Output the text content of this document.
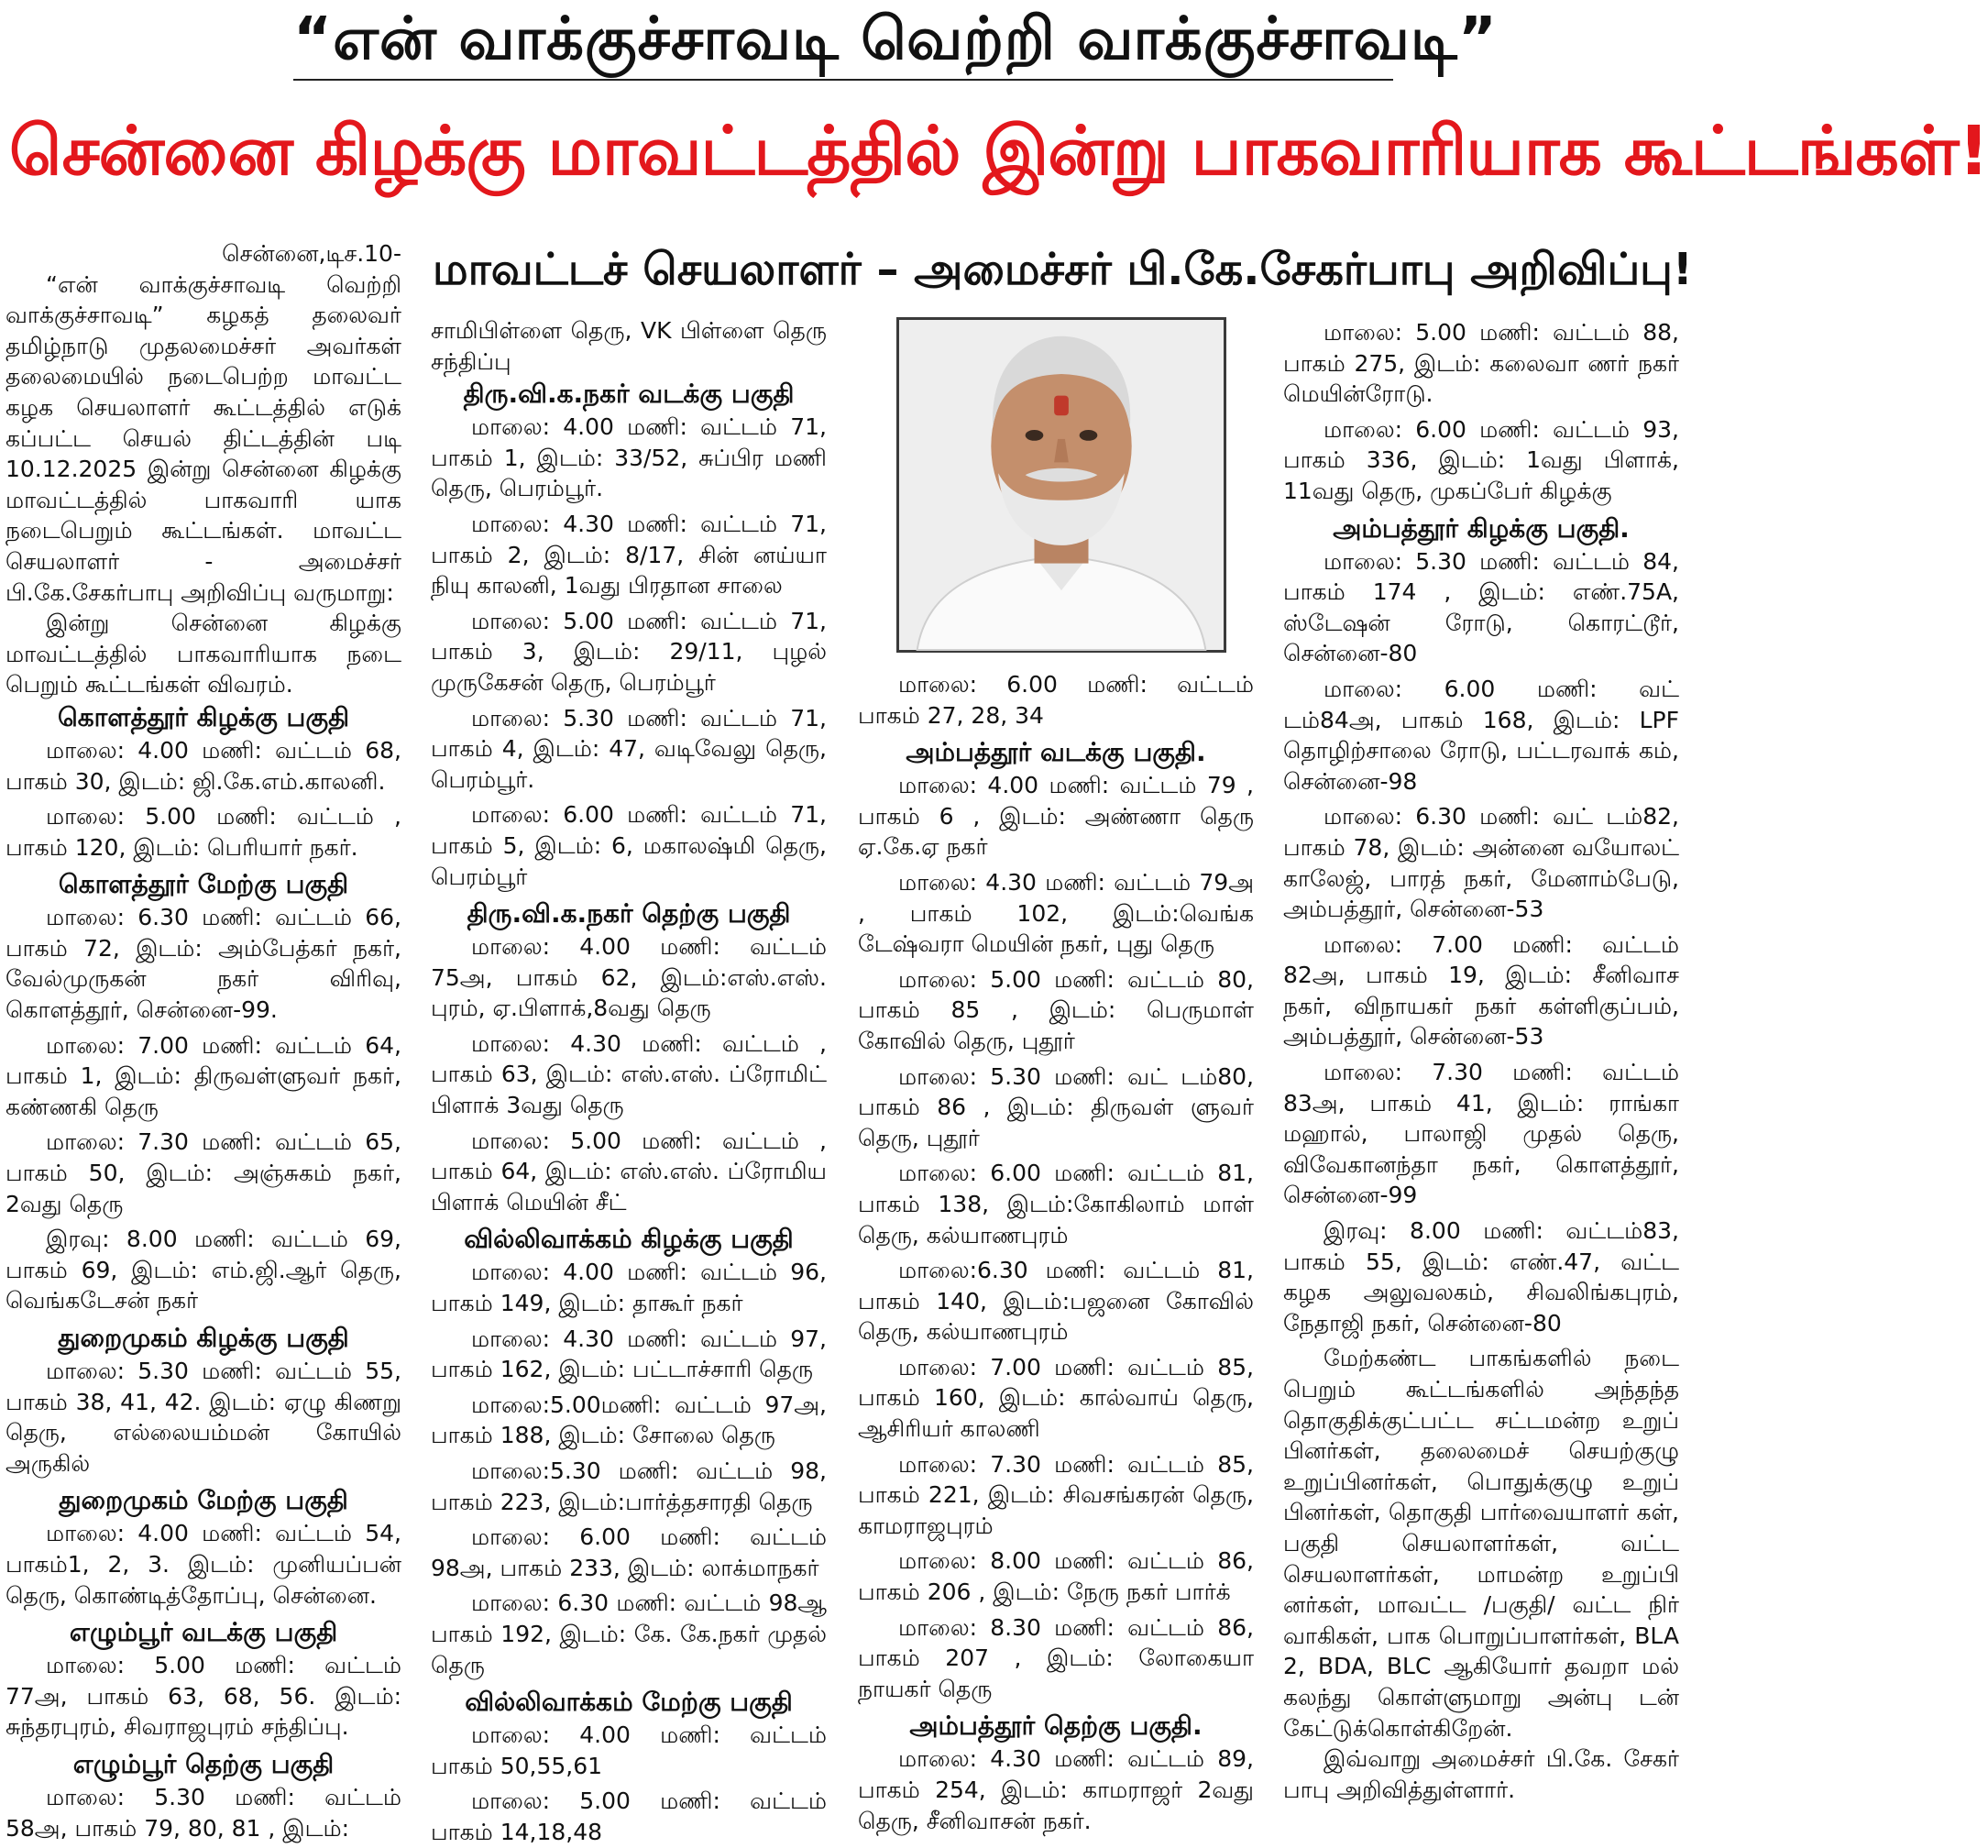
“என் வாக்குச்சாவடி வெற்றி வாக்குச்சாவடி”
சென்னை கிழக்கு மாவட்டத்தில் இன்று பாகவாரியாக கூட்டங்கள்!
மாவட்டச் செயலாளர் – அமைச்சர் பி.கே.சேகர்பாபு அறிவிப்பு!

சென்னை,டிச.10-

“என் வாக்குச்சாவடி வெற்றி வாக்குச்சாவடி” கழகத் தலைவர் தமிழ்நாடு முதலமைச்சர் அவர்கள் தலைமையில் நடைபெற்ற மாவட்ட கழக செயலாளர் கூட்டத்தில் எடுக் கப்பட்ட செயல் திட்டத்தின் படி 10.12.2025 இன்று சென்னை கிழக்கு மாவட்டத்தில் பாகவாரி யாக நடைபெறும் கூட்டங்கள். மாவட்ட செயலாளர் - அமைச்சர் பி.கே.சேகர்பாபு அறிவிப்பு வருமாறு:

இன்று சென்னை கிழக்கு மாவட்டத்தில் பாகவாரியாக நடை பெறும் கூட்டங்கள் விவரம்.

கொளத்தூர் கிழக்கு பகுதி

மாலை: 4.00 மணி: வட்டம் 68, பாகம் 30, இடம்: ஜி.கே.எம்.காலனி.

மாலை: 5.00 மணி: வட்டம் , பாகம் 120, இடம்: பெரியார் நகர்.

கொளத்தூர் மேற்கு பகுதி

மாலை: 6.30 மணி: வட்டம் 66, பாகம் 72, இடம்: அம்பேத்கர் நகர், வேல்முருகன் நகர் விரிவு, கொளத்தூர், சென்னை-99.

மாலை: 7.00 மணி: வட்டம் 64, பாகம் 1, இடம்: திருவள்ளுவர் நகர், கண்ணகி தெரு

மாலை: 7.30 மணி: வட்டம் 65, பாகம் 50, இடம்: அஞ்சுகம் நகர், 2வது தெரு

இரவு: 8.00 மணி: வட்டம் 69, பாகம் 69, இடம்: எம்.ஜி.ஆர் தெரு, வெங்கடேசன் நகர்

துறைமுகம் கிழக்கு பகுதி

மாலை: 5.30 மணி: வட்டம் 55, பாகம் 38, 41, 42. இடம்: ஏழு கிணறு தெரு, எல்லையம்மன் கோயில் அருகில்

துறைமுகம் மேற்கு பகுதி

மாலை: 4.00 மணி: வட்டம் 54, பாகம்1, 2, 3. இடம்: முனியப்பன் தெரு, கொண்டித்தோப்பு, சென்னை.

எழும்பூர் வடக்கு பகுதி

மாலை: 5.00 மணி: வட்டம் 77அ, பாகம் 63, 68, 56. இடம்: சுந்தரபுரம், சிவராஜபுரம் சந்திப்பு.

எழும்பூர் தெற்கு பகுதி

மாலை: 5.30 மணி: வட்டம் 58அ, பாகம் 79, 80, 81 , இடம்:

சாமிபிள்ளை தெரு, VK பிள்ளை தெரு சந்திப்பு

திரு.வி.க.நகர் வடக்கு பகுதி

மாலை: 4.00 மணி: வட்டம் 71, பாகம் 1, இடம்: 33/52, சுப்பிர மணி தெரு, பெரம்பூர்.

மாலை: 4.30 மணி: வட்டம் 71, பாகம் 2, இடம்: 8/17, சின் னய்யா நியு காலனி, 1வது பிரதான சாலை

மாலை: 5.00 மணி: வட்டம் 71, பாகம் 3, இடம்: 29/11, புழல் முருகேசன் தெரு, பெரம்பூர்

மாலை: 5.30 மணி: வட்டம் 71, பாகம் 4, இடம்: 47, வடிவேலு தெரு, பெரம்பூர்.

மாலை: 6.00 மணி: வட்டம் 71, பாகம் 5, இடம்: 6, மகாலஷ்மி தெரு, பெரம்பூர்

திரு.வி.க.நகர் தெற்கு பகுதி

மாலை: 4.00 மணி: வட்டம் 75அ, பாகம் 62, இடம்:எஸ்.எஸ். புரம், ஏ.பிளாக்,8வது தெரு

மாலை: 4.30 மணி: வட்டம் , பாகம் 63, இடம்: எஸ்.எஸ். ப்ரோமிட் பிளாக் 3வது தெரு

மாலை: 5.00 மணி: வட்டம் , பாகம் 64, இடம்: எஸ்.எஸ். ப்ரோமிய பிளாக் மெயின் சீட்

வில்லிவாக்கம் கிழக்கு பகுதி

மாலை: 4.00 மணி: வட்டம் 96, பாகம் 149, இடம்: தாகூர் நகர்

மாலை: 4.30 மணி: வட்டம் 97, பாகம் 162, இடம்: பட்டாச்சாரி தெரு

மாலை:5.00மணி: வட்டம் 97அ, பாகம் 188, இடம்: சோலை தெரு

மாலை:5.30 மணி: வட்டம் 98, பாகம் 223, இடம்:பார்த்தசாரதி தெரு

மாலை: 6.00 மணி: வட்டம் 98அ, பாகம் 233, இடம்: லாக்மாநகர்

மாலை: 6.30 மணி: வட்டம் 98ஆ பாகம் 192, இடம்: கே. கே.நகர் முதல் தெரு

வில்லிவாக்கம் மேற்கு பகுதி

மாலை: 4.00 மணி: வட்டம் பாகம் 50,55,61

மாலை: 5.00 மணி: வட்டம் பாகம் 14,18,48

மாலை: 6.00 மணி: வட்டம் பாகம் 27, 28, 34

அம்பத்தூர் வடக்கு பகுதி.

மாலை: 4.00 மணி: வட்டம் 79 , பாகம் 6 , இடம்: அண்ணா தெரு ஏ.கே.ஏ நகர்

மாலை: 4.30 மணி: வட்டம் 79அ , பாகம் 102, இடம்:வெங்க டேஷ்வரா மெயின் நகர், புது தெரு

மாலை: 5.00 மணி: வட்டம் 80, பாகம் 85 , இடம்: பெருமாள் கோவில் தெரு, புதூர்

மாலை: 5.30 மணி: வட் டம்80, பாகம் 86 , இடம்: திருவள் ளுவர் தெரு, புதூர்

மாலை: 6.00 மணி: வட்டம் 81, பாகம் 138, இடம்:கோகிலாம் மாள் தெரு, கல்யாணபுரம்

மாலை:6.30 மணி: வட்டம் 81, பாகம் 140, இடம்:பஜனை கோவில் தெரு, கல்யாணபுரம்

மாலை: 7.00 மணி: வட்டம் 85, பாகம் 160, இடம்: கால்வாய் தெரு, ஆசிரியர் காலணி

மாலை: 7.30 மணி: வட்டம் 85, பாகம் 221, இடம்: சிவசங்கரன் தெரு, காமராஜபுரம்

மாலை: 8.00 மணி: வட்டம் 86, பாகம் 206 , இடம்: நேரு நகர் பார்க்

மாலை: 8.30 மணி: வட்டம் 86, பாகம் 207 , இடம்: லோகையா நாயகர் தெரு

அம்பத்தூர் தெற்கு பகுதி.

மாலை: 4.30 மணி: வட்டம் 89, பாகம் 254, இடம்: காமராஜர் 2வது தெரு, சீனிவாசன் நகர்.

மாலை: 5.00 மணி: வட்டம் 88, பாகம் 275, இடம்: கலைவா ணர் நகர் மெயின்ரோடு.

மாலை: 6.00 மணி: வட்டம் 93, பாகம் 336, இடம்: 1வது பிளாக், 11வது தெரு, முகப்பேர் கிழக்கு

அம்பத்தூர் கிழக்கு பகுதி.

மாலை: 5.30 மணி: வட்டம் 84, பாகம் 174 , இடம்: எண்.75A, ஸ்டேஷன் ரோடு, கொரட்டூர், சென்னை-80

மாலை: 6.00 மணி: வட் டம்84அ, பாகம் 168, இடம்: LPF தொழிற்சாலை ரோடு, பட்டரவாக் கம், சென்னை-98

மாலை: 6.30 மணி: வட் டம்82, பாகம் 78, இடம்: அன்னை வயோலட் காலேஜ், பாரத் நகர், மேனாம்பேடு, அம்பத்தூர், சென்னை-53

மாலை: 7.00 மணி: வட்டம் 82அ, பாகம் 19, இடம்: சீனிவாச நகர், விநாயகர் நகர் கள்ளிகுப்பம், அம்பத்தூர், சென்னை-53

மாலை: 7.30 மணி: வட்டம் 83அ, பாகம் 41, இடம்: ராங்கா மஹால், பாலாஜி முதல் தெரு, விவேகானந்தா நகர், கொளத்தூர், சென்னை-99

இரவு: 8.00 மணி: வட்டம்83, பாகம் 55, இடம்: எண்.47, வட்ட கழக அலுவலகம், சிவலிங்கபுரம், நேதாஜி நகர், சென்னை-80

மேற்கண்ட பாகங்களில் நடை பெறும் கூட்டங்களில் அந்தந்த தொகுதிக்குட்பட்ட சட்டமன்ற உறுப் பினர்கள், தலைமைச் செயற்குழு உறுப்பினர்கள், பொதுக்குழு உறுப் பினர்கள், தொகுதி பார்வையாளர் கள், பகுதி செயலாளர்கள், வட்ட செயலாளர்கள், மாமன்ற உறுப்பி னர்கள், மாவட்ட /பகுதி/ வட்ட நிர் வாகிகள், பாக பொறுப்பாளர்கள், BLA 2, BDA, BLC ஆகியோர் தவறா மல் கலந்து கொள்ளுமாறு அன்பு டன் கேட்டுக்கொள்கிறேன்.

இவ்வாறு அமைச்சர் பி.கே. சேகர் பாபு அறிவித்துள்ளார்.
